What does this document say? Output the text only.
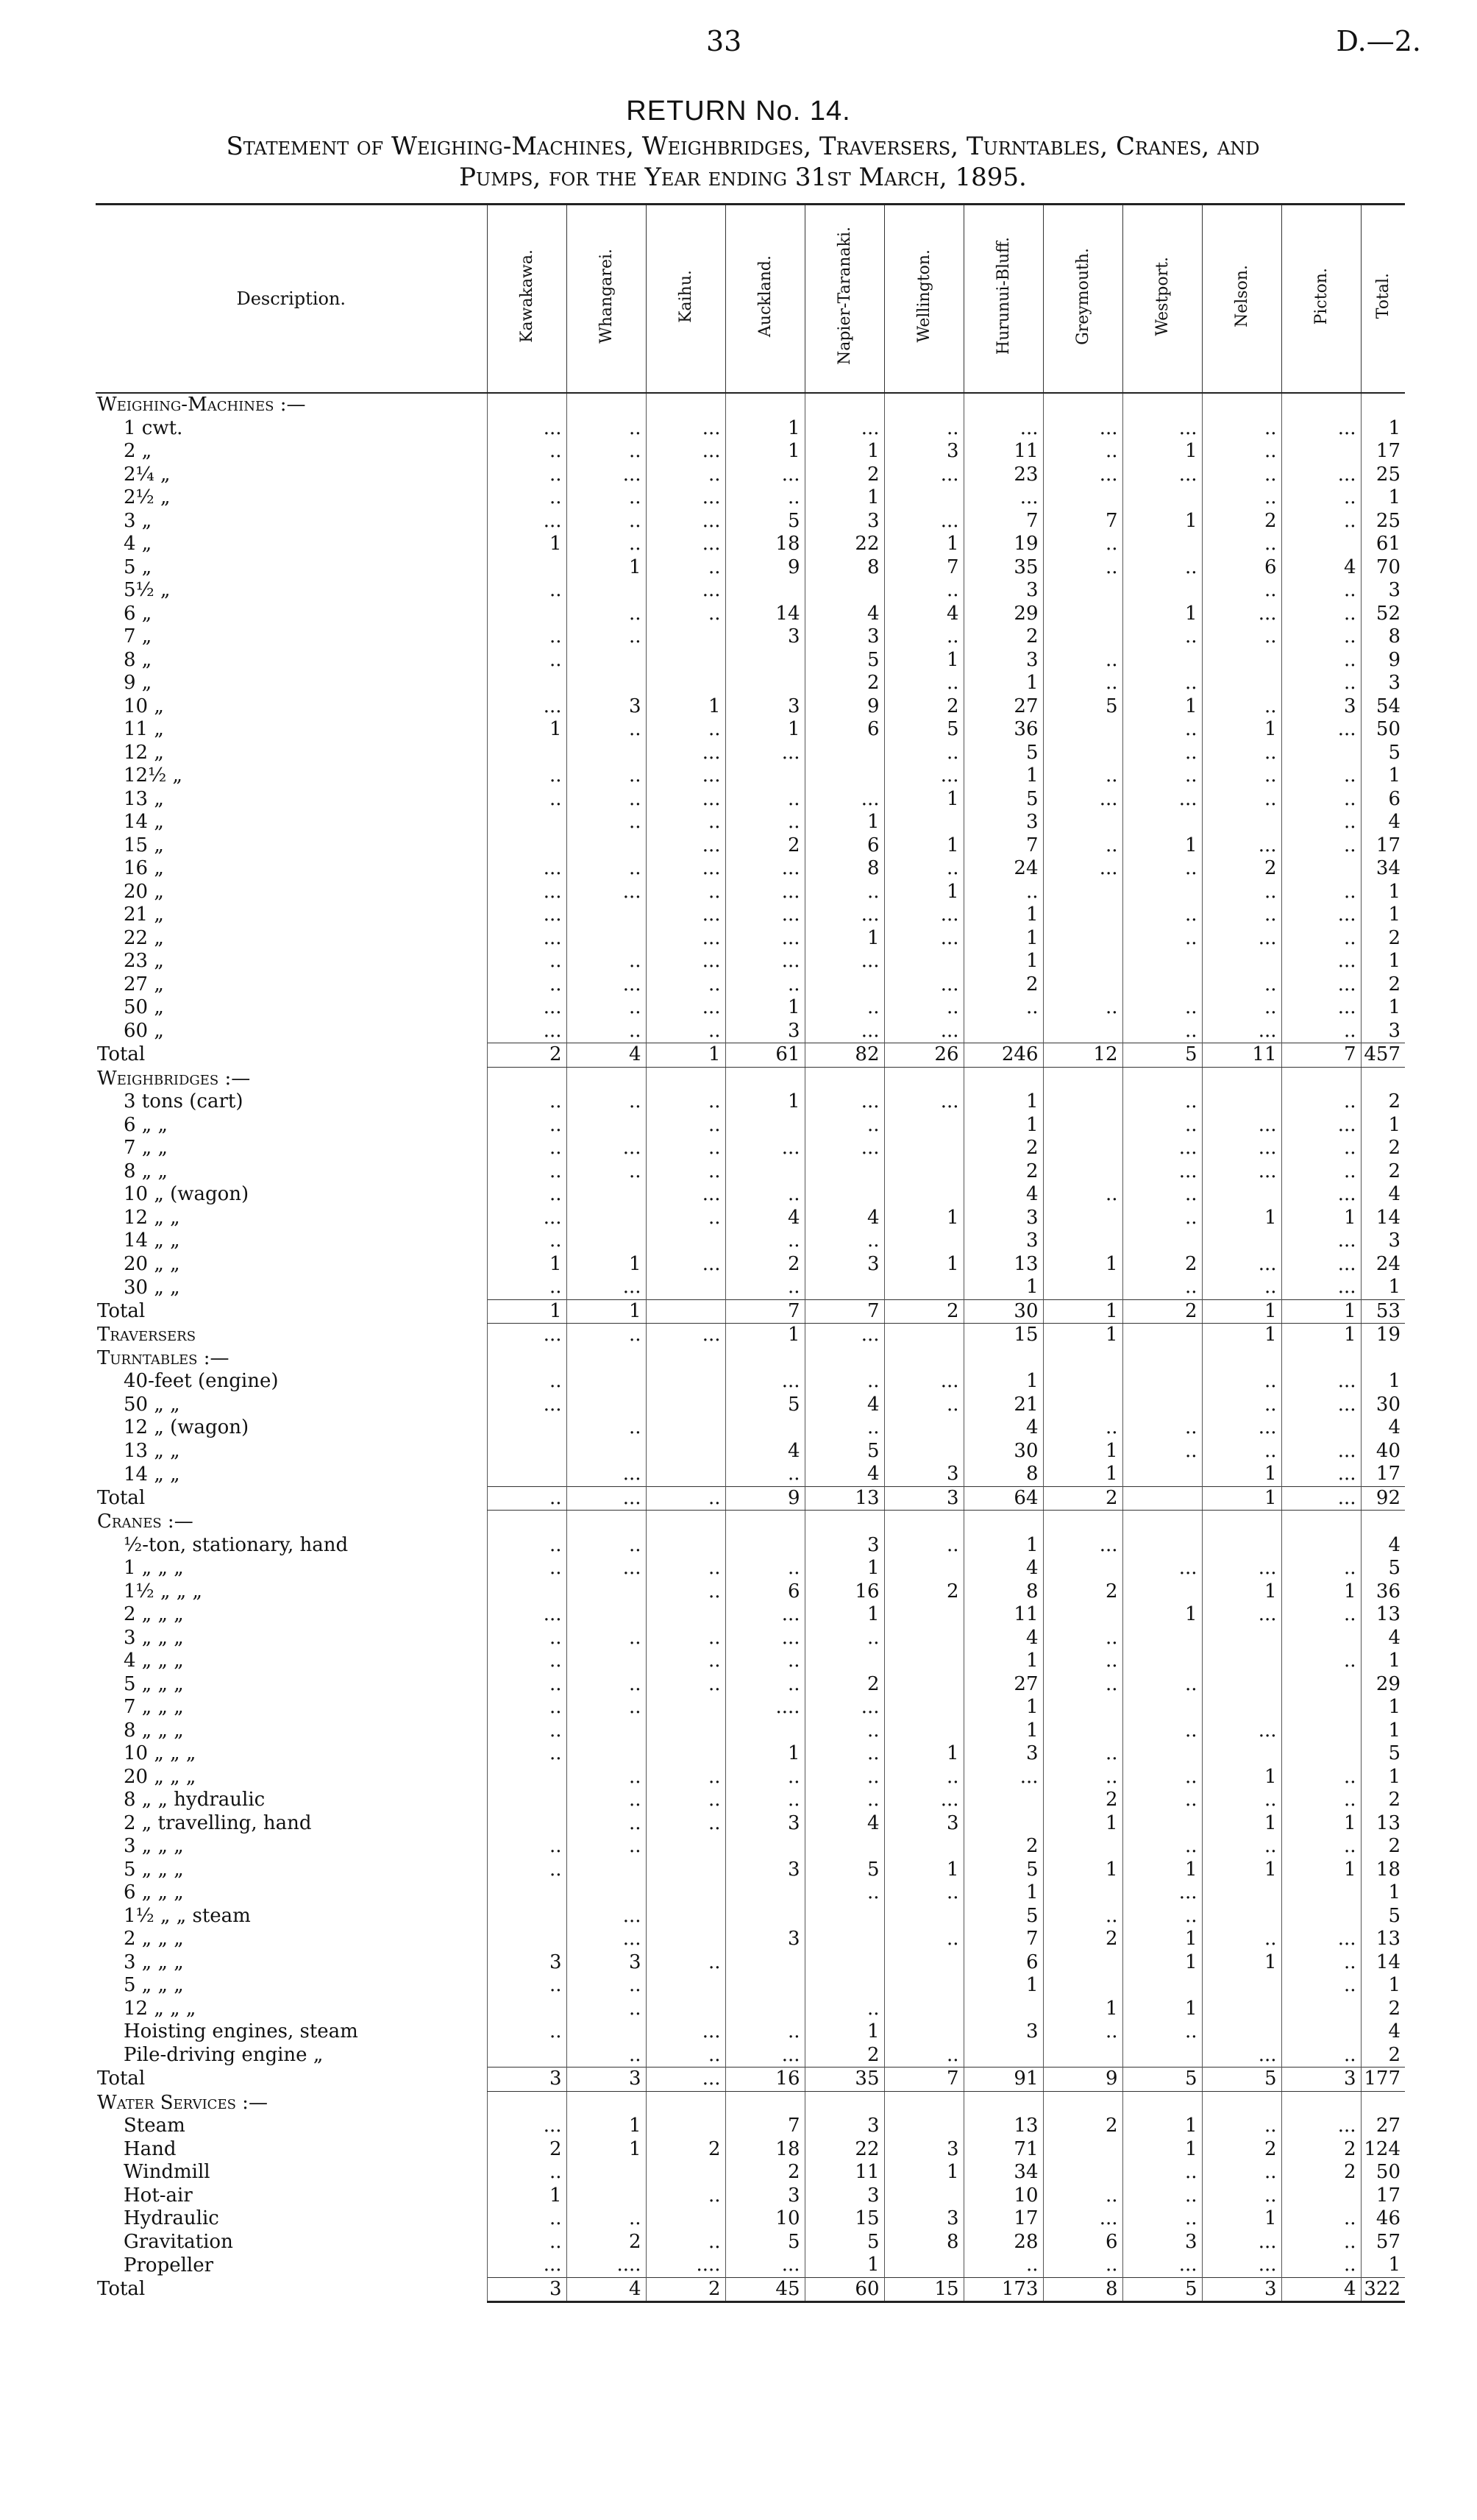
33	D.—2.
RETURN No. 14.
Statement of Weighing-Machines, Weighbridges, Traversers, Turntables, Cranes, and
Pumps, for the Year ending 31st March, 1895.
Description.	Kawakawa.	Whangarei.	Kaihu.	Auckland.	Napier-Taranaki.	Wellington.	Hurunui-Bluff.	Greymouth.	Westport.	Nelson.	Picton.	Total.
Weighing-Machines :—												
1 cwt.	...	..	...	1	...	..	...	...	...	..	...	1
2 „	..	..	...	1	1	3	11	..	1	..		17
2¼ „	..	...	..	...	2	...	23	...	...	..	...	25
2½ „	..	..	...	..	1		...			..	..	1
3 „	...	..	...	5	3	...	7	7	1	2	..	25
4 „	1	..	...	18	22	1	19	..		..		61
5 „		1	..	9	8	7	35	..	..	6	4	70
5½ „	..		...			..	3			..	..	3
6 „		..	..	14	4	4	29		1	...	..	52
7 „	..	..		3	3	..	2		..	..	..	8
8 „	..				5	1	3	..			..	9
9 „					2	..	1	..	..		..	3
10 „	...	3	1	3	9	2	27	5	1	..	3	54
11 „	1	..	..	1	6	5	36		..	1	...	50
12 „			...	...		..	5		..	..		5
12½ „	..	..	...			...	1	..	..	..	..	1
13 „	..	..	...	..	...	1	5	...	...	..	..	6
14 „		..	..	..	1		3				..	4
15 „			...	2	6	1	7	..	1	...	..	17
16 „	...	..	...	...	8	..	24	...	..	2		34
20 „	...	...	..	...	..	1	..			..	..	1
21 „	...		...	...	...	...	1		..	..	...	1
22 „	...		...	...	1	...	1		..	...	..	2
23 „	..	..	...	...	...		1				...	1
27 „	..	...	..	..		...	2			..	...	2
50 „	...	..	...	1	..	..	..	..	..	..	...	1
60 „	...	..	..	3	...	...			..	...	..	3
Total	2	4	1	61	82	26	246	12	5	11	7	457
Weighbridges :—												
3 tons (cart)	..	..	..	1	...	...	1		..		..	2
6 „ „	..		..		..		1		..	...	...	1
7 „ „	..	...	..	...	...		2		...	...	..	2
8 „ „	..	..	..				2		...	...	..	2
10 „ (wagon)	..		...	..			4	..	..		...	4
12 „ „	...		..	4	4	1	3		..	1	1	14
14 „ „	..			..	..		3				...	3
20 „ „	1	1	...	2	3	1	13	1	2	...	...	24
30 „ „	..	...		..			1		..	..	...	1
Total	1	1		7	7	2	30	1	2	1	1	53
Traversers	...	..	...	1	...		15	1		1	1	19
Turntables :—												
40-feet (engine)	..			...	..	...	1			..	...	1
50 „ „	...			5	4	..	21			..	...	30
12 „ (wagon)		..			..		4	..	..	...		4
13 „ „				4	5		30	1	..	..	...	40
14 „ „		...		..	4	3	8	1		1	...	17
Total	..	...	..	9	13	3	64	2		1	...	92
Cranes :—												
½-ton, stationary, hand	..	..			3	..	1	...				4
1 „ „ „	..	...	..	..	1		4		...	...	..	5
1½ „ „ „			..	6	16	2	8	2		1	1	36
2 „ „ „	...			...	1		11		1	...	..	13
3 „ „ „	..	..	..	...	..		4	..				4
4 „ „ „	..		..	..			1	..			..	1
5 „ „ „	..	..	..	..	2		27	..	..			29
7 „ „ „	..	..		....	...		1					1
8 „ „ „	..				..		1		..	...		1
10 „ „ „	..			1	..	1	3	..				5
20 „ „ „		..	..	..	..	..	...	..	..	1	..	1
8 „ „ hydraulic		..	..	..	..	...		2	..	..	..	2
2 „ travelling, hand		..	..	3	4	3		1		1	1	13
3 „ „ „	..	..					2		..	..	..	2
5 „ „ „	..			3	5	1	5	1	1	1	1	18
6 „ „ „					..	..	1		...			1
1½ „ „ steam		...					5	..	..			5
2 „ „ „		...		3		..	7	2	1	..	...	13
3 „ „ „	3	3	..				6		1	1	..	14
5 „ „ „	..	..					1				..	1
12 „ „ „		..			..			1	1			2
Hoisting engines, steam	..		...	..	1		3	..	..			4
Pile-driving engine „		..	..	...	2	..				...	..	2
Total	3	3	...	16	35	7	91	9	5	5	3	177
Water Services :—												
Steam	...	1		7	3		13	2	1	..	...	27
Hand	2	1	2	18	22	3	71		1	2	2	124
Windmill	..			2	11	1	34		..	..	2	50
Hot-air	1		..	3	3		10	..	..	..		17
Hydraulic	..	..		10	15	3	17	...	..	1	..	46
Gravitation	..	2	..	5	5	8	28	6	3	...	..	57
Propeller	...	....	....	...	1		..	..	...	...	..	1
Total	3	4	2	45	60	15	173	8	5	3	4	322
